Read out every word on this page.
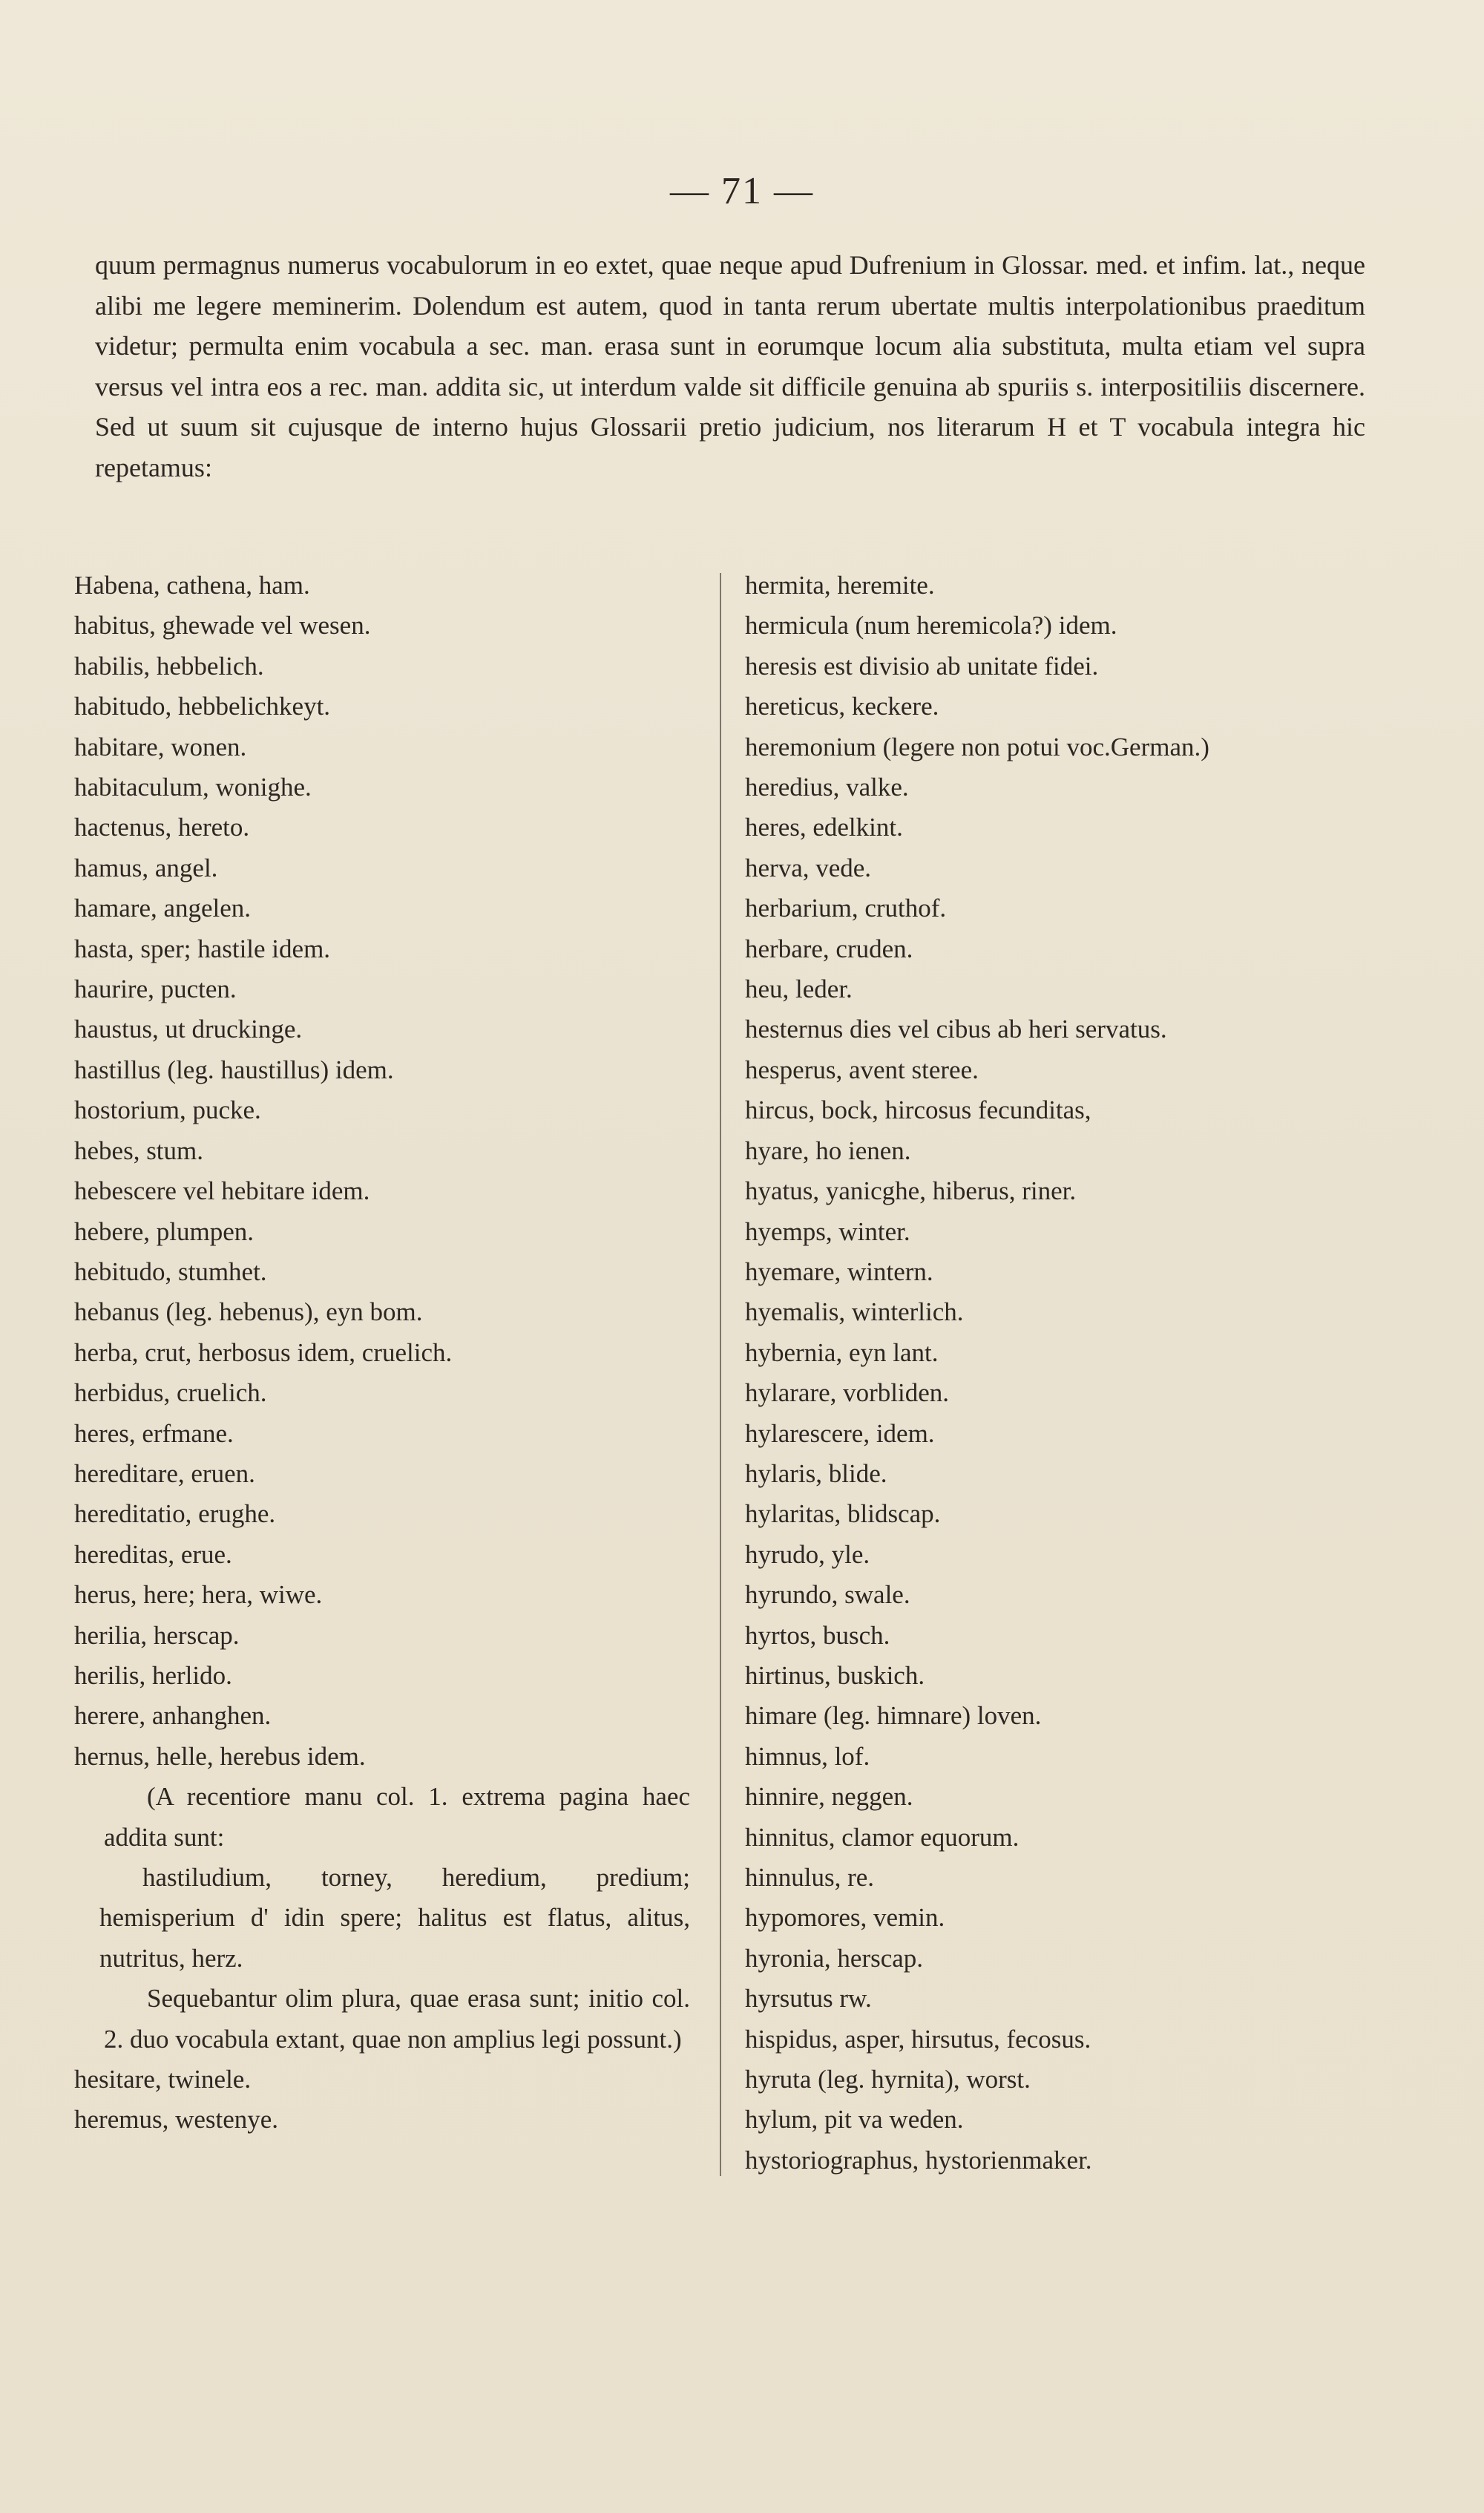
— 71 —

quum permagnus numerus vocabulorum in eo extet, quae neque apud Dufrenium in Glossar. med. et infim. lat., neque alibi me legere meminerim. Dolendum est autem, quod in tanta rerum ubertate multis interpolationibus praeditum videtur; permulta enim vocabula a sec. man. erasa sunt in eorumque locum alia substituta, multa etiam vel supra versus vel intra eos a rec. man. addita sic, ut interdum valde sit difficile genuina ab spuriis s. interpositiliis discernere. Sed ut suum sit cujusque de interno hujus Glossarii pretio judicium, nos literarum H et T vocabula integra hic repetamus:

Habena, cathena, ham.
habitus, ghewade vel wesen.
habilis, hebbelich.
habitudo, hebbelichkeyt.
habitare, wonen.
habitaculum, wonighe.
hactenus, hereto.
hamus, angel.
hamare, angelen.
hasta, sper; hastile idem.
haurire, pucten.
haustus, ut druckinge.
hastillus (leg. haustillus) idem.
hostorium, pucke.
hebes, stum.
hebescere vel hebitare idem.
hebere, plumpen.
hebitudo, stumhet.
hebanus (leg. hebenus), eyn bom.
herba, crut, herbosus idem, cruelich.
herbidus, cruelich.
heres, erfmane.
hereditare, eruen.
hereditatio, erughe.
hereditas, erue.
herus, here; hera, wiwe.
herilia, herscap.
herilis, herlido.
herere, anhanghen.
hernus, helle, herebus idem.

(A recentiore manu col. 1. extrema pagina haec addita sunt:

hastiludium, torney, heredium, predium; hemisperium d' idin spere; halitus est flatus, alitus, nutritus, herz.

Sequebantur olim plura, quae erasa sunt; initio col. 2. duo vocabula extant, quae non amplius legi possunt.)

hesitare, twinele.
heremus, westenye.
hermita, heremite.
hermicula (num heremicola?) idem.
heresis est divisio ab unitate fidei.
hereticus, keckere.
heremonium (legere non potui voc.German.)
heredius, valke.
heres, edelkint.
herva, vede.
herbarium, cruthof.
herbare, cruden.
heu, leder.
hesternus dies vel cibus ab heri servatus.
hesperus, avent steree.
hircus, bock, hircosus fecunditas,
hyare, ho ienen.
hyatus, yanicghe, hiberus, riner.
hyemps, winter.
hyemare, wintern.
hyemalis, winterlich.
hybernia, eyn lant.
hylarare, vorbliden.
hylarescere, idem.
hylaris, blide.
hylaritas, blidscap.
hyrudo, yle.
hyrundo, swale.
hyrtos, busch.
hirtinus, buskich.
himare (leg. himnare) loven.
himnus, lof.
hinnire, neggen.
hinnitus, clamor equorum.
hinnulus, re.
hypomores, vemin.
hyronia, herscap.
hyrsutus rw.
hispidus, asper, hirsutus, fecosus.
hyruta (leg. hyrnita), worst.
hylum, pit va weden.
hystoriographus, hystorienmaker.
